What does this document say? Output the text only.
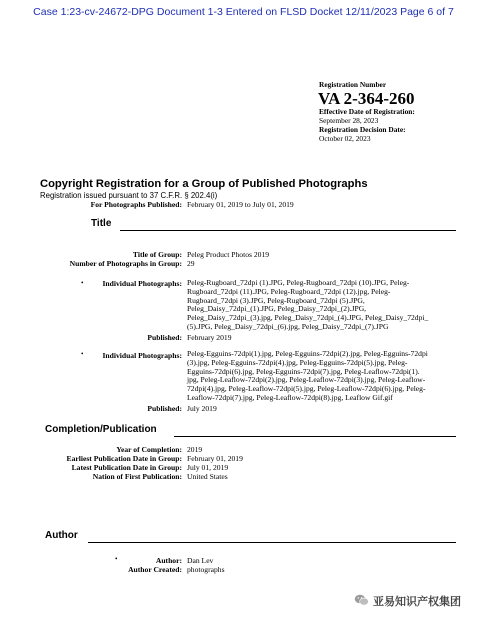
Case 1:23-cv-24672-DPG Document 1-3 Entered on FLSD Docket 12/11/2023 Page 6 of 7
Registration Number
VA 2-364-260
Effective Date of Registration:
September 28, 2023
Registration Decision Date:
October 02, 2023
Copyright Registration for a Group of Published Photographs
Registration issued pursuant to 37 C.F.R. § 202.4(i)
For Photographs Published: February 01, 2019 to July 01, 2019
Title
Title of Group: Peleg Product Photos 2019
Number of Photographs in Group: 29
• Individual Photographs: Peleg-Rugboard_72dpi (1).JPG, Peleg-Rugboard_72dpi (10).JPG, Peleg-
Rugboard_72dpi (11).JPG, Peleg-Rugboard_72dpi (12).jpg, Peleg-
Rugboard_72dpi (3).JPG, Peleg-Rugboard_72dpi (5).JPG,
Peleg_Daisy_72dpi_(1).JPG, Peleg_Daisy_72dpi_(2).JPG,
Peleg_Daisy_72dpi_(3).jpg, Peleg_Daisy_72dpi_(4).JPG, Peleg_Daisy_72dpi_
(5).JPG, Peleg_Daisy_72dpi_(6).jpg, Peleg_Daisy_72dpi_(7).JPG
Published: February 2019
• Individual Photographs: Peleg-Egguins-72dpi(1).jpg, Peleg-Egguins-72dpi(2).jpg, Peleg-Egguins-72dpi
(3).jpg, Peleg-Egguins-72dpi(4).jpg, Peleg-Egguins-72dpi(5).jpg, Peleg-
Egguins-72dpi(6).jpg, Peleg-Egguins-72dpi(7).jpg, Peleg-Leaflow-72dpi(1).
jpg, Peleg-Leaflow-72dpi(2).jpg, Peleg-Leaflow-72dpi(3).jpg, Peleg-Leaflow-
72dpi(4).jpg, Peleg-Leaflow-72dpi(5).jpg, Peleg-Leaflow-72dpi(6).jpg, Peleg-
Leaflow-72dpi(7).jpg, Peleg-Leaflow-72dpi(8).jpg, Leaflow Gif.gif
Published: July 2019
Completion/Publication
Year of Completion: 2019
Earliest Publication Date in Group: February 01, 2019
Latest Publication Date in Group: July 01, 2019
Nation of First Publication: United States
Author
•	Author: Dan Lev
Author Created: photographs
亚易知识产权集团
